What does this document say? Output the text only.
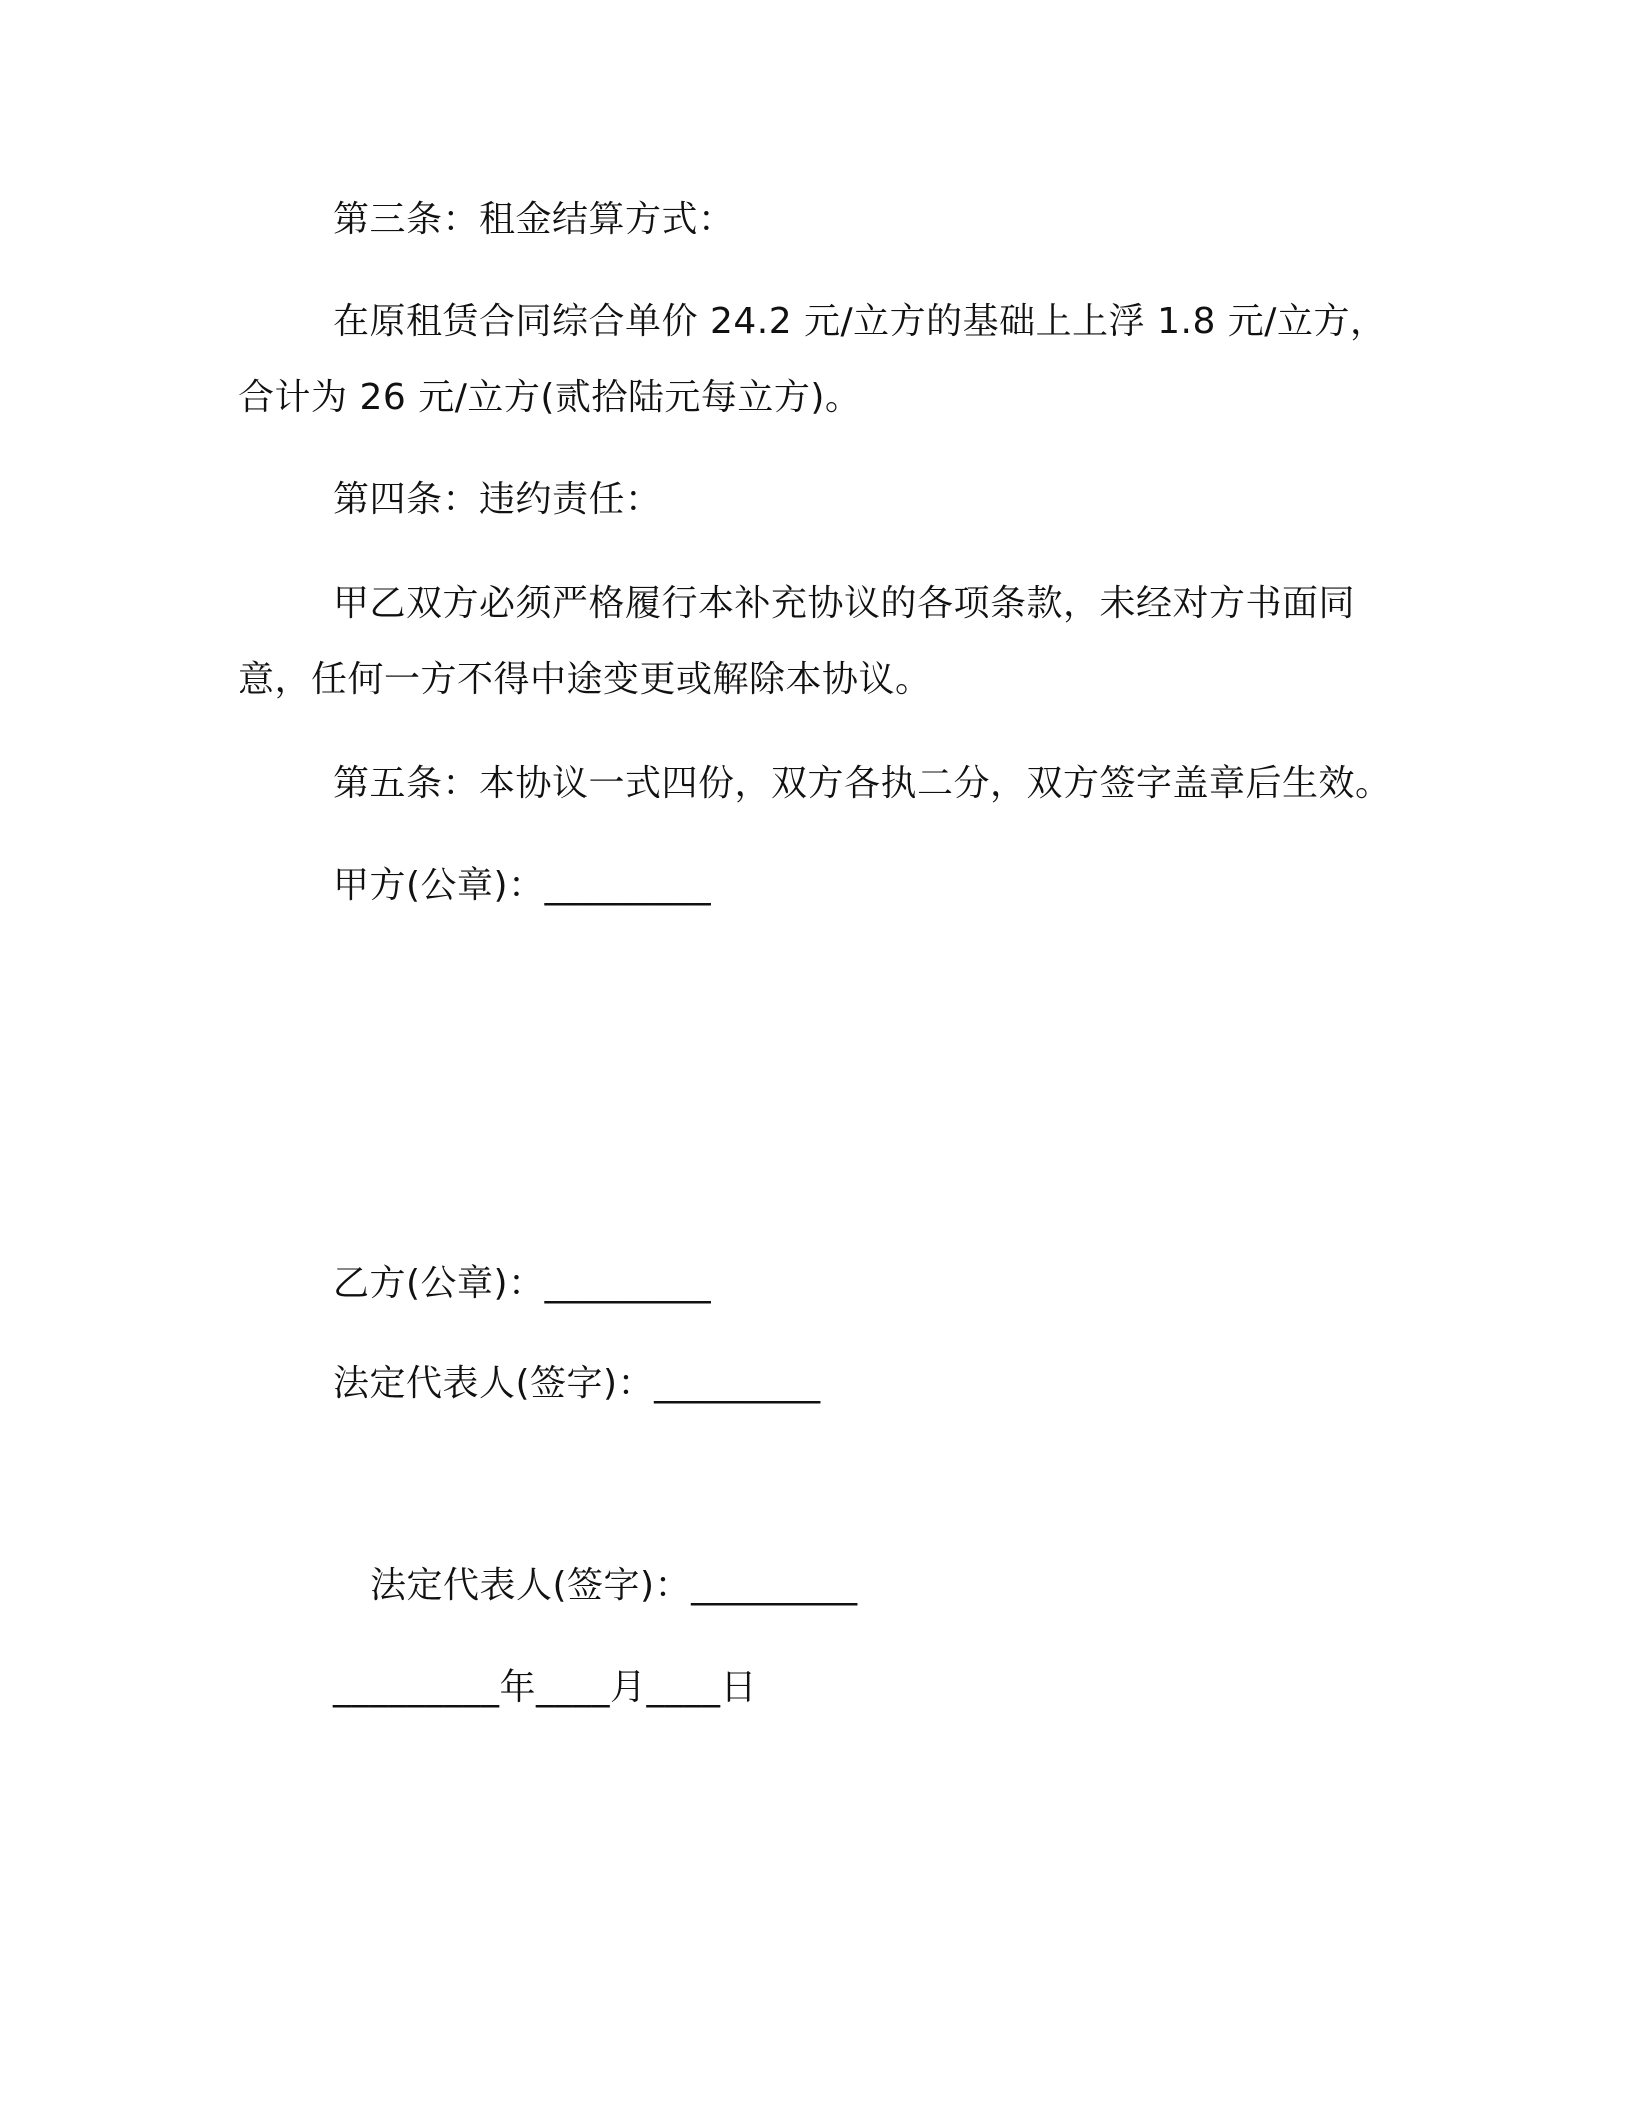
第三条：租金结算方式：
在原租赁合同综合单价 24.2 元/立方的基础上上浮 1.8 元/立方，
合计为 26 元/立方(贰拾陆元每立方)。
第四条：违约责任：
甲乙双方必须严格履行本补充协议的各项条款，未经对方书面同
意，任何一方不得中途变更或解除本协议。
第五条：本协议一式四份，双方各执二分，双方签字盖章后生效。
甲方(公章)：_________
乙方(公章)：_________
法定代表人(签字)：_________
法定代表人(签字)：_________
_________年____月____日
